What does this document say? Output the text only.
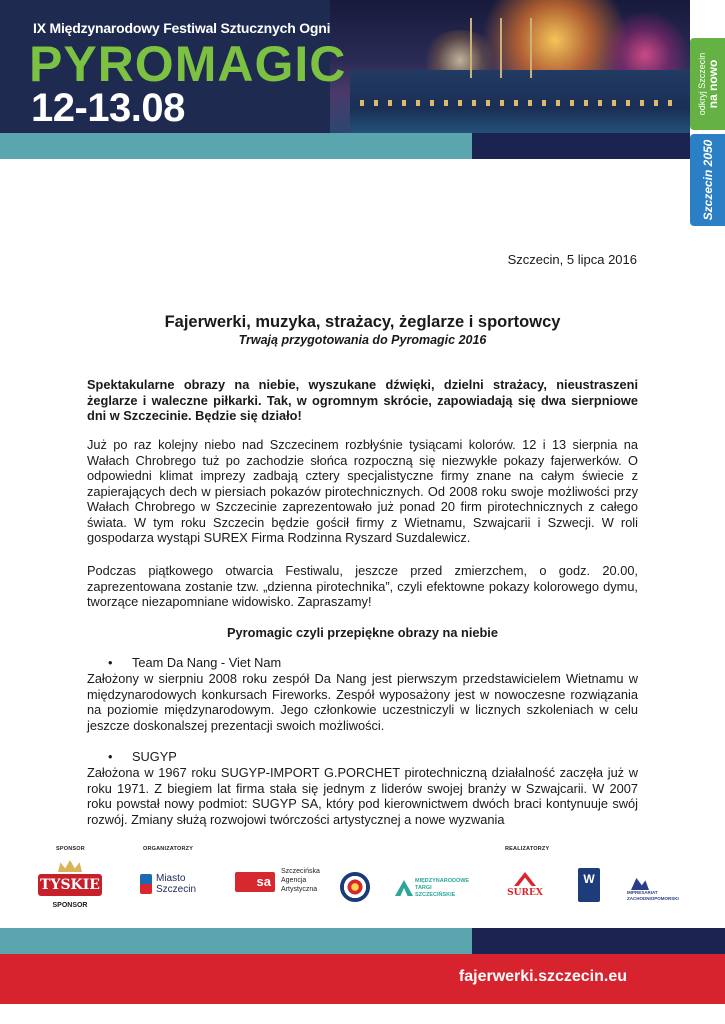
IX Międzynarodowy Festiwal Sztucznych Ogni
PYROMAGIC
12-13.08	odkryj Szczecin na nowo
Szczecin 2050
Szczecin, 5 lipca 2016
Fajerwerki, muzyka, strażacy, żeglarze i sportowcy
Trwają przygotowania do Pyromagic 2016

Spektakularne obrazy na niebie, wyszukane dźwięki, dzielni strażacy, nieustraszeni żeglarze i waleczne piłkarki. Tak, w ogromnym skrócie, zapowiadają się dwa sierpniowe dni w Szczecinie. Będzie się działo!

Już po raz kolejny niebo nad Szczecinem rozbłyśnie tysiącami kolorów. 12 i 13 sierpnia na Wałach Chrobrego tuż po zachodzie słońca rozpoczną się niezwykłe pokazy fajerwerków. O odpowiedni klimat imprezy zadbają cztery specjalistyczne firmy znane na całym świecie z zapierających dech w piersiach pokazów pirotechnicznych. Od 2008 roku swoje możliwości przy Wałach Chrobrego w Szczecinie zaprezentowało już ponad 20 firm pirotechnicznych z całego świata. W tym roku Szczecin będzie gościł firmy z Wietnamu, Szwajcarii i Szwecji. W roli gospodarza wystąpi SUREX Firma Rodzinna Ryszard Suzdalewicz.

Podczas piątkowego otwarcia Festiwalu, jeszcze przed zmierzchem, o godz. 20.00, zaprezentowana zostanie tzw. „dzienna pirotechnika”, czyli efektowne pokazy kolorowego dymu, tworzące niezapomniane widowisko. Zapraszamy!

Pyromagic czyli przepiękne obrazy na niebie
• Team Da Nang - Viet Nam

Założony w sierpniu 2008 roku zespół Da Nang jest pierwszym przedstawicielem Wietnamu w międzynarodowych konkursach Fireworks. Zespół wyposażony jest w nowoczesne rozwiązania na poziomie międzynarodowym. Jego członkowie uczestniczyli w licznych szkoleniach w celu jeszcze doskonalszej prezentacji swoich możliwości.

• SUGYP

Założona w 1967 roku SUGYP-IMPORT G.PORCHET pirotechniczną działalność zaczęła już w roku 1971. Z biegiem lat firma stała się jednym z liderów swojej branży w Szwajcarii. W 2007 roku powstał nowy podmiot: SUGYP SA, który pod kierownictwem dwóch braci kontynuuje swój rozwój. Zmiany służą rozwojowi twórczości artystycznej a nowe wyzwania

SPONSOR	ORGANIZATORZY	REALIZATORZY
TYSKIE
SPONSOR
Miasto
Szczecin
sa
Szczecińska
Agencja
Artystyczna
MIĘDZYNARODOWE
TARGI
SZCZECIŃSKIE	SUREX
W
IMPRESARIAT
ZACHODNIOPOMORSKI
fajerwerki.szczecin.eu
